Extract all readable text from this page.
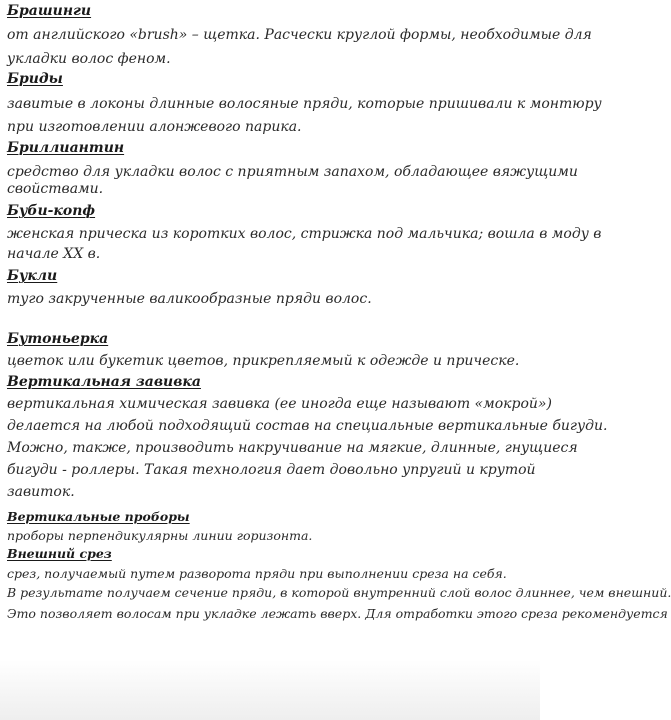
Брашинги
от английского «brush» – щетка. Расчески круглой формы, необходимые для
укладки волос феном.
Бриды
завитые в локоны длинные волосяные пряди, которые пришивали к монтюру
при изготовлении алонжевого парика.
Бриллиантин
средство для укладки волос с приятным запахом, обладающее вяжущими
свойствами.
Буби-копф
женская прическа из коротких волос, стрижка под мальчика; вошла в моду в
начале XX в.
Букли
туго закрученные валикообразные пряди волос.
Бутоньерка
цветок или букетик цветов, прикрепляемый к одежде и прическе.
Вертикальная завивка
вертикальная химическая завивка (ее иногда еще называют «мокрой»)
делается на любой подходящий состав на специальные вертикальные бигуди.
Можно, также, производить накручивание на мягкие, длинные, гнущиеся
бигуди - роллеры. Такая технология дает довольно упругий и крутой
завиток.
Вертикальные проборы
проборы перпендикулярны линии горизонта.
Внешний срез
срез, получаемый путем разворота пряди при выполнении среза на себя.
В результате получаем сечение пряди, в которой внутренний слой волос длиннее, чем внешний.
Это позволяет волосам при укладке лежать вверх. Для отработки этого среза рекомендуется
